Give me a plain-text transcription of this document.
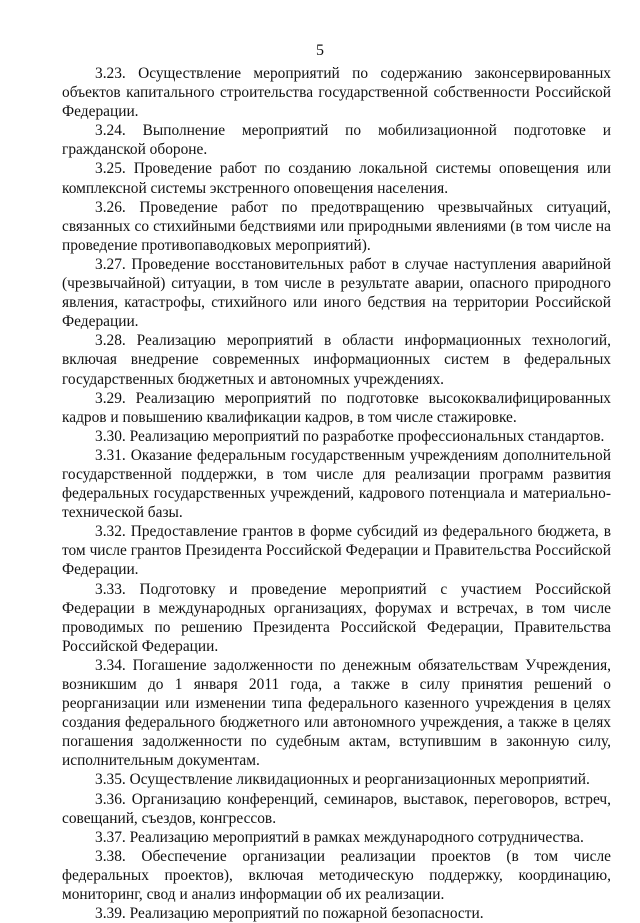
5

3.23. Осуществление мероприятий по содержанию законсервированных объектов капитального строительства государственной собственности Российской Федерации.

3.24. Выполнение мероприятий по мобилизационной подготовке и гражданской обороне.

3.25. Проведение работ по созданию локальной системы оповещения или комплексной системы экстренного оповещения населения.

3.26. Проведение работ по предотвращению чрезвычайных ситуаций, связанных со стихийными бедствиями или природными явлениями (в том числе на проведение противопаводковых мероприятий).

3.27. Проведение восстановительных работ в случае наступления аварийной (чрезвычайной) ситуации, в том числе в результате аварии, опасного природного явления, катастрофы, стихийного или иного бедствия на территории Российской Федерации.

3.28. Реализацию мероприятий в области информационных технологий, включая внедрение современных информационных систем в федеральных государственных бюджетных и автономных учреждениях.

3.29. Реализацию мероприятий по подготовке высококвалифицированных кадров и повышению квалификации кадров, в том числе стажировке.

3.30. Реализацию мероприятий по разработке профессиональных стандартов.

3.31. Оказание федеральным государственным учреждениям дополнительной государственной поддержки, в том числе для реализации программ развития федеральных государственных учреждений, кадрового потенциала и материально-технической базы.

3.32. Предоставление грантов в форме субсидий из федерального бюджета, в том числе грантов Президента Российской Федерации и Правительства Российской Федерации.

3.33. Подготовку и проведение мероприятий с участием Российской Федерации в международных организациях, форумах и встречах, в том числе проводимых по решению Президента Российской Федерации, Правительства Российской Федерации.

3.34. Погашение задолженности по денежным обязательствам Учреждения, возникшим до 1 января 2011 года, а также в силу принятия решений о реорганизации или изменении типа федерального казенного учреждения в целях создания федерального бюджетного или автономного учреждения, а также в целях погашения задолженности по судебным актам, вступившим в законную силу, исполнительным документам.

3.35. Осуществление ликвидационных и реорганизационных мероприятий.

3.36. Организацию конференций, семинаров, выставок, переговоров, встреч, совещаний, съездов, конгрессов.

3.37. Реализацию мероприятий в рамках международного сотрудничества.

3.38. Обеспечение организации реализации проектов (в том числе федеральных проектов), включая методическую поддержку, координацию, мониторинг, свод и анализ информации об их реализации.

3.39. Реализацию мероприятий по пожарной безопасности.
